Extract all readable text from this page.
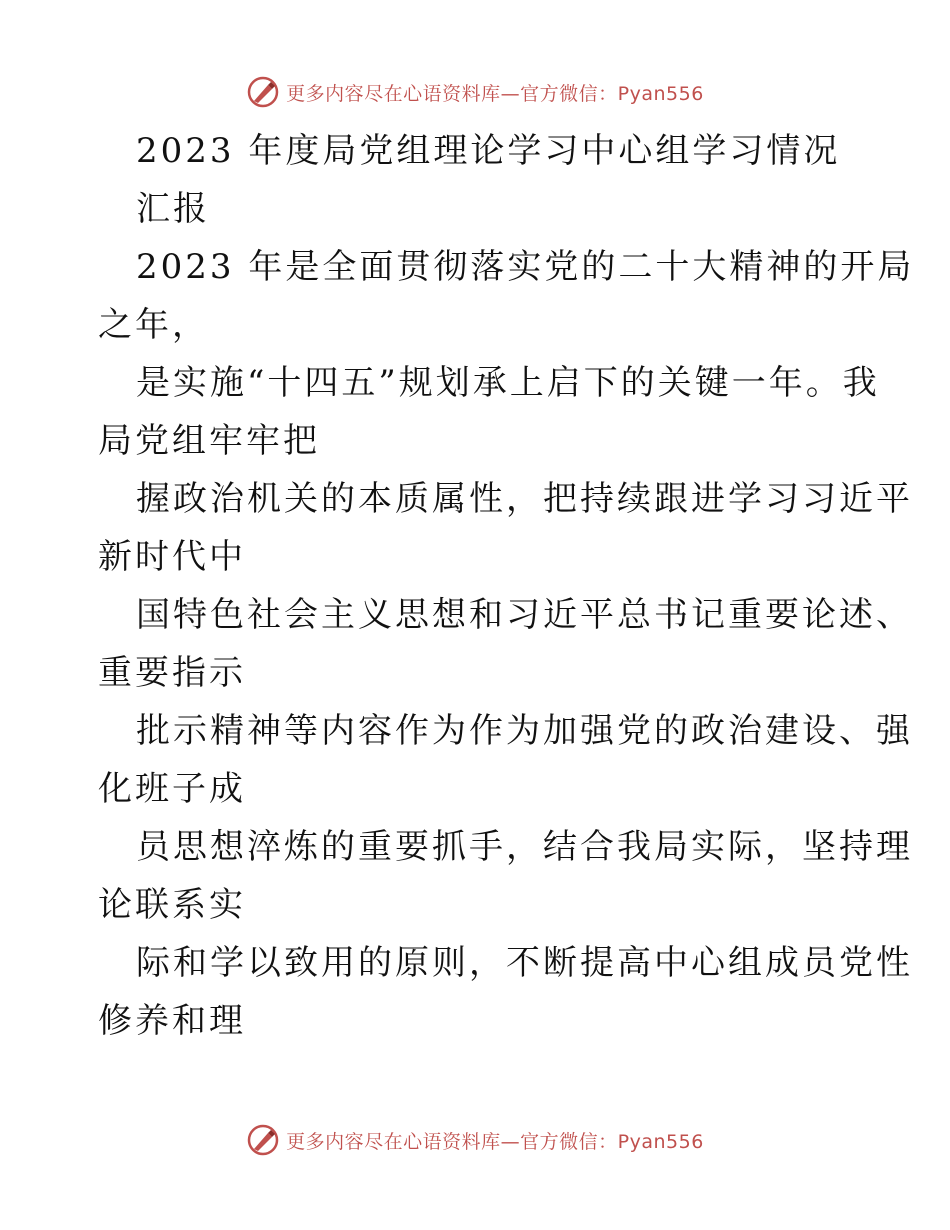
更多内容尽在心语资料库—官方微信：Pyan556
2023 年度局党组理论学习中心组学习情况
汇报
2023 年是全面贯彻落实党的二十大精神的开局
之年，
是实施“十四五”规划承上启下的关键一年。我
局党组牢牢把
握政治机关的本质属性，把持续跟进学习习近平
新时代中
国特色社会主义思想和习近平总书记重要论述、
重要指示
批示精神等内容作为作为加强党的政治建设、强
化班子成
员思想淬炼的重要抓手，结合我局实际，坚持理
论联系实
际和学以致用的原则，不断提高中心组成员党性
修养和理
更多内容尽在心语资料库—官方微信：Pyan556
